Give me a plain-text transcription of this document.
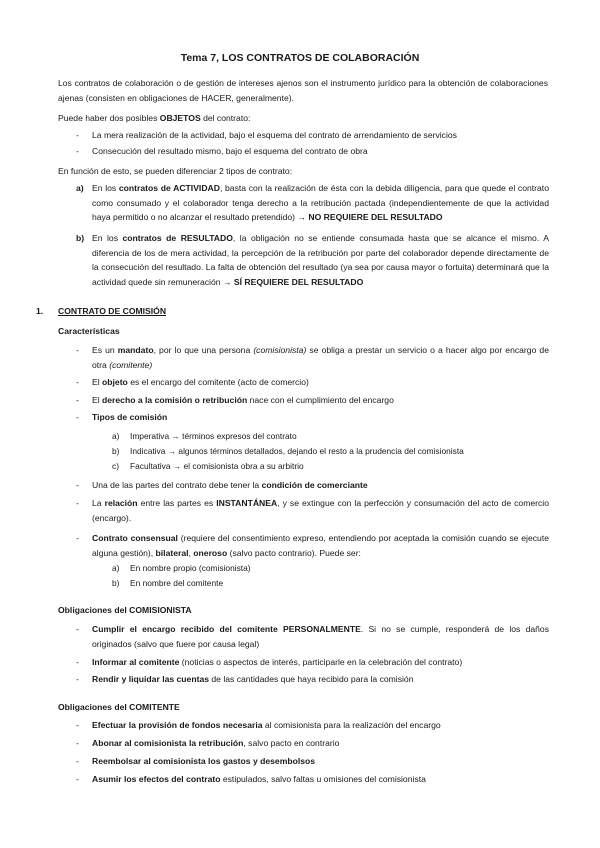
Tema 7, LOS CONTRATOS DE COLABORACIÓN
Los contratos de colaboración o de gestión de intereses ajenos son el instrumento jurídico para la obtención de colaboraciones ajenas (consisten en obligaciones de HACER, generalmente).
Puede haber dos posibles OBJETOS del contrato:
- La mera realización de la actividad, bajo el esquema del contrato de arrendamiento de servicios
- Consecución del resultado mismo, bajo el esquema del contrato de obra
En función de esto, se pueden diferenciar 2 tipos de contrato:
a) En los contratos de ACTIVIDAD, basta con la realización de ésta con la debida diligencia, para que quede el contrato como consumado y el colaborador tenga derecho a la retribución pactada (independientemente de que la actividad haya permitido o no alcanzar el resultado pretendido) → NO REQUIERE DEL RESULTADO
b) En los contratos de RESULTADO, la obligación no se entiende consumada hasta que se alcance el mismo. A diferencia de los de mera actividad, la percepción de la retribución por parte del colaborador depende directamente de la consecución del resultado. La falta de obtención del resultado (ya sea por causa mayor o fortuita) determinará que la actividad quede sin remuneración → SÍ REQUIERE DEL RESULTADO
1. CONTRATO DE COMISIÓN
Características
- Es un mandato, por lo que una persona (comisionista) se obliga a prestar un servicio o a hacer algo por encargo de otra (comitente)
- El objeto es el encargo del comitente (acto de comercio)
- El derecho a la comisión o retribución nace con el cumplimiento del encargo
- Tipos de comisión
a) Imperativa → términos expresos del contrato
b) Indicativa → algunos términos detallados, dejando el resto a la prudencia del comisionista
c) Facultativa → el comisionista obra a su arbitrio
- Una de las partes del contrato debe tener la condición de comerciante
- La relación entre las partes es INSTANTÁNEA, y se extingue con la perfección y consumación del acto de comercio (encargo).
- Contrato consensual (requiere del consentimiento expreso, entendiendo por aceptada la comisión cuando se ejecute alguna gestión), bilateral, oneroso (salvo pacto contrario). Puede ser:
a) En nombre propio (comisionista)
b) En nombre del comitente
Obligaciones del COMISIONISTA
- Cumplir el encargo recibido del comitente PERSONALMENTE. Si no se cumple, responderá de los daños originados (salvo que fuere por causa legal)
- Informar al comitente (noticias o aspectos de interés, participarle en la celebración del contrato)
- Rendir y liquidar las cuentas de las cantidades que haya recibido para la comisión
Obligaciones del COMITENTE
- Efectuar la provisión de fondos necesaria al comisionista para la realización del encargo
- Abonar al comisionista la retribución, salvo pacto en contrario
- Reembolsar al comisionista los gastos y desembolsos
- Asumir los efectos del contrato estipulados, salvo faltas u omisiones del comisionista
